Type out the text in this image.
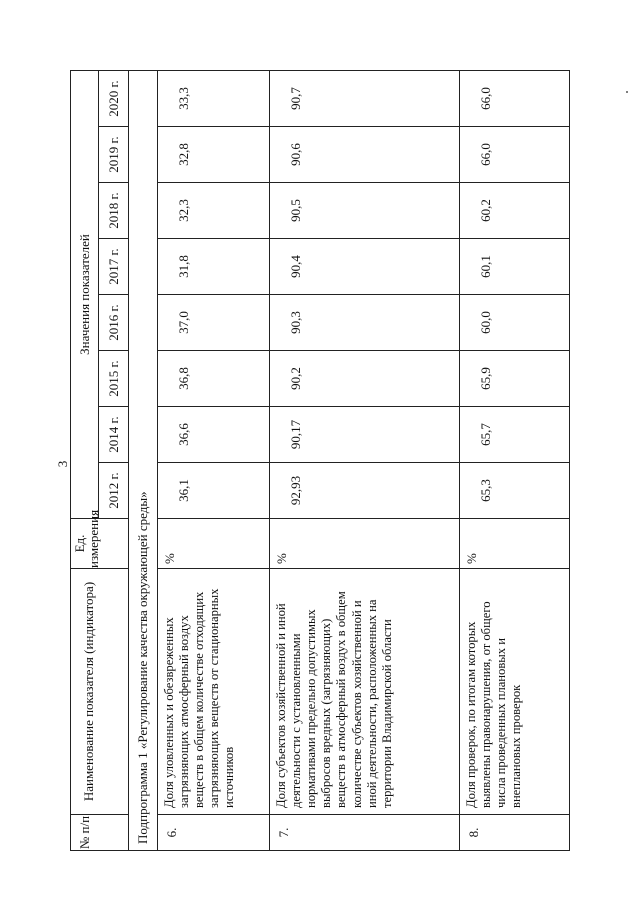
3
№ п/п	Наименование показателя (индикатора)	Ед. измерения	Значения показателей							
			2012 г.	2014 г.	2015 г.	2016 г.	2017 г.	2018 г.	2019 г.	2020 г.
Подпрограмма 1 «Регулирование качества окружающей среды»										
6.	Доля уловленных и обезвреженных загрязняющих атмосферный воздух веществ в общем количестве отходящих загрязняющих веществ от стационарных источников	%	36,1	36,6	36,8	37,0	31,8	32,3	32,8	33,3
7.	Доля субъектов хозяйственной и иной деятельности с установленными нормативами предельно допустимых выбросов вредных (загрязняющих) веществ в атмосферный воздух в общем количестве субъектов хозяйственной и иной деятельности, расположенных на территории Владимирской области	%	92,93	90,17	90,2	90,3	90,4	90,5	90,6	90,7
8.	Доля проверок, по итогам которых выявлены правонарушения, от общего числа проведенных плановых и внеплановых проверок	%	65,3	65,7	65,9	60,0	60,1	60,2	66,0	66,0
